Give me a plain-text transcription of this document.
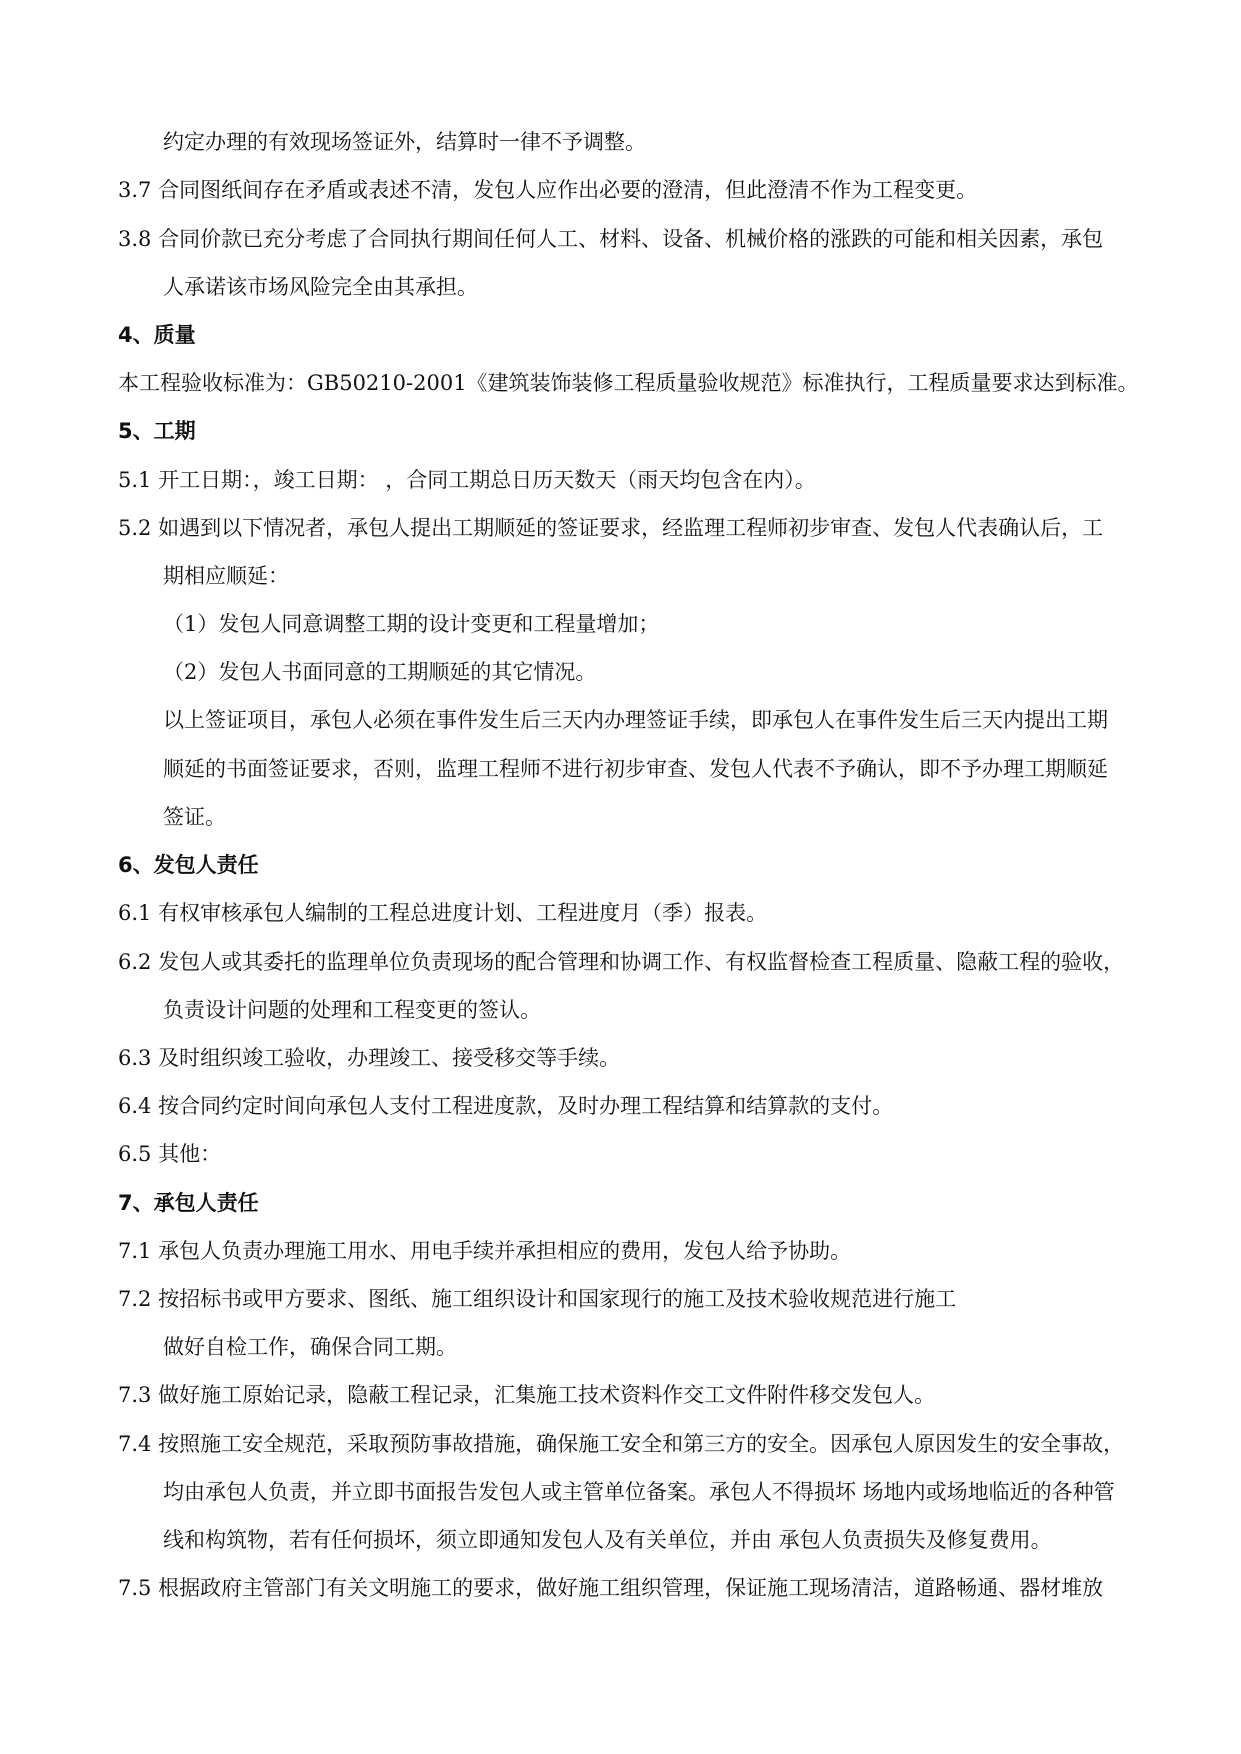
约定办理的有效现场签证外，结算时一律不予调整。
3.7 合同图纸间存在矛盾或表述不清，发包人应作出必要的澄清，但此澄清不作为工程变更。
3.8 合同价款已充分考虑了合同执行期间任何人工、材料、设备、机械价格的涨跌的可能和相关因素，承包
人承诺该市场风险完全由其承担。
4、质量
本工程验收标准为：GB50210-2001《建筑装饰装修工程质量验收规范》标准执行，工程质量要求达到标准。
5、工期
5.1 开工日期：，竣工日期： ，合同工期总日历天数天（雨天均包含在内）。
5.2 如遇到以下情况者，承包人提出工期顺延的签证要求，经监理工程师初步审查、发包人代表确认后，工
期相应顺延：
（1）发包人同意调整工期的设计变更和工程量增加；
（2）发包人书面同意的工期顺延的其它情况。
以上签证项目，承包人必须在事件发生后三天内办理签证手续，即承包人在事件发生后三天内提出工期
顺延的书面签证要求，否则，监理工程师不进行初步审查、发包人代表不予确认，即不予办理工期顺延
签证。
6、发包人责任
6.1 有权审核承包人编制的工程总进度计划、工程进度月（季）报表。
6.2 发包人或其委托的监理单位负责现场的配合管理和协调工作、有权监督检查工程质量、隐蔽工程的验收，
负责设计问题的处理和工程变更的签认。
6.3 及时组织竣工验收，办理竣工、接受移交等手续。
6.4 按合同约定时间向承包人支付工程进度款，及时办理工程结算和结算款的支付。
6.5 其他：
7、承包人责任
7.1 承包人负责办理施工用水、用电手续并承担相应的费用，发包人给予协助。
7.2 按招标书或甲方要求、图纸、施工组织设计和国家现行的施工及技术验收规范进行施工
做好自检工作，确保合同工期。
7.3 做好施工原始记录，隐蔽工程记录，汇集施工技术资料作交工文件附件移交发包人。
7.4 按照施工安全规范，采取预防事故措施，确保施工安全和第三方的安全。因承包人原因发生的安全事故，
均由承包人负责，并立即书面报告发包人或主管单位备案。承包人不得损坏 场地内或场地临近的各种管
线和构筑物，若有任何损坏，须立即通知发包人及有关单位，并由 承包人负责损失及修复费用。
7.5 根据政府主管部门有关文明施工的要求，做好施工组织管理，保证施工现场清洁，道路畅通、器材堆放
